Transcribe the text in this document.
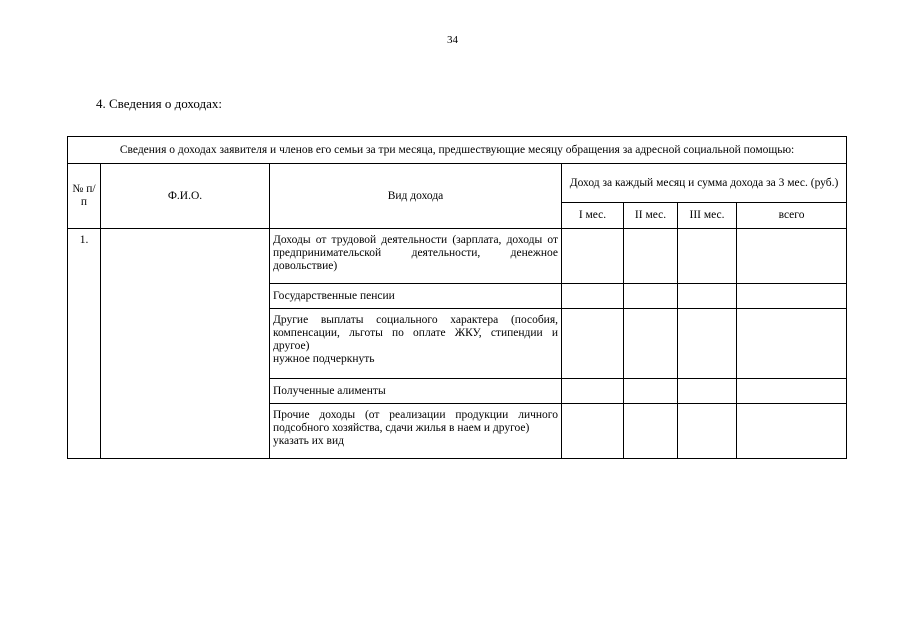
34
4. Сведения о доходах:
Сведения о доходах заявителя и членов его семьи за три месяца, предшествующие месяцу обращения за адресной социальной помощью:						
№ п/п	Ф.И.О.	Вид дохода	Доход за каждый месяц и сумма дохода за 3 мес. (руб.)			
			I мес.	II мес.	III мес.	всего
1.		Доходы от трудовой деятельности (зарплата, доходы от предпринимательской деятельности, денежное довольствие)				
		Государственные пенсии				
		Другие выплаты социального характера (пособия, компенсации, льготы по оплате ЖКУ, стипендии и другое)
нужное подчеркнуть				

		Полученные алименты				
		Прочие доходы (от реализации продукции личного подсобного хозяйства, сдачи жилья в наем и другое)
указать их вид				
